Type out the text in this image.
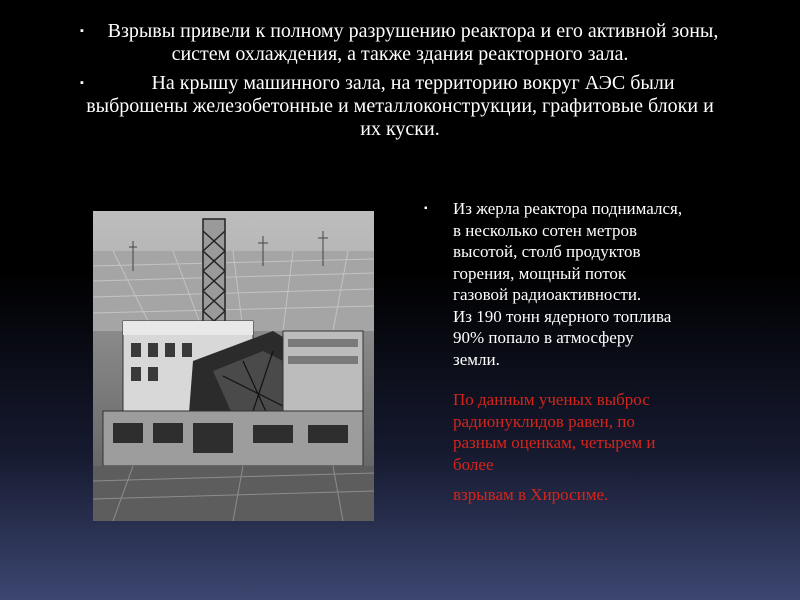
▪ Взрывы привели к полному разрушению реактора и его активной зоны, систем охлаждения, а также здания реакторного зала.
▪	На крышу машинного зала, на территорию вокруг АЭС были выброшены железобетонные и металлоконструкции, графитовые блоки и их куски.
▪ Из жерла реактора поднимался,
в несколько сотен метров
высотой, столб продуктов
горения, мощный поток
газовой радиоактивности.
Из 190 тонн ядерного топлива
90% попало в атмосферу
земли.
По данным ученых выброс
радионуклидов равен, по
разным оценкам, четырем и
более
взрывам в Хиросиме.
